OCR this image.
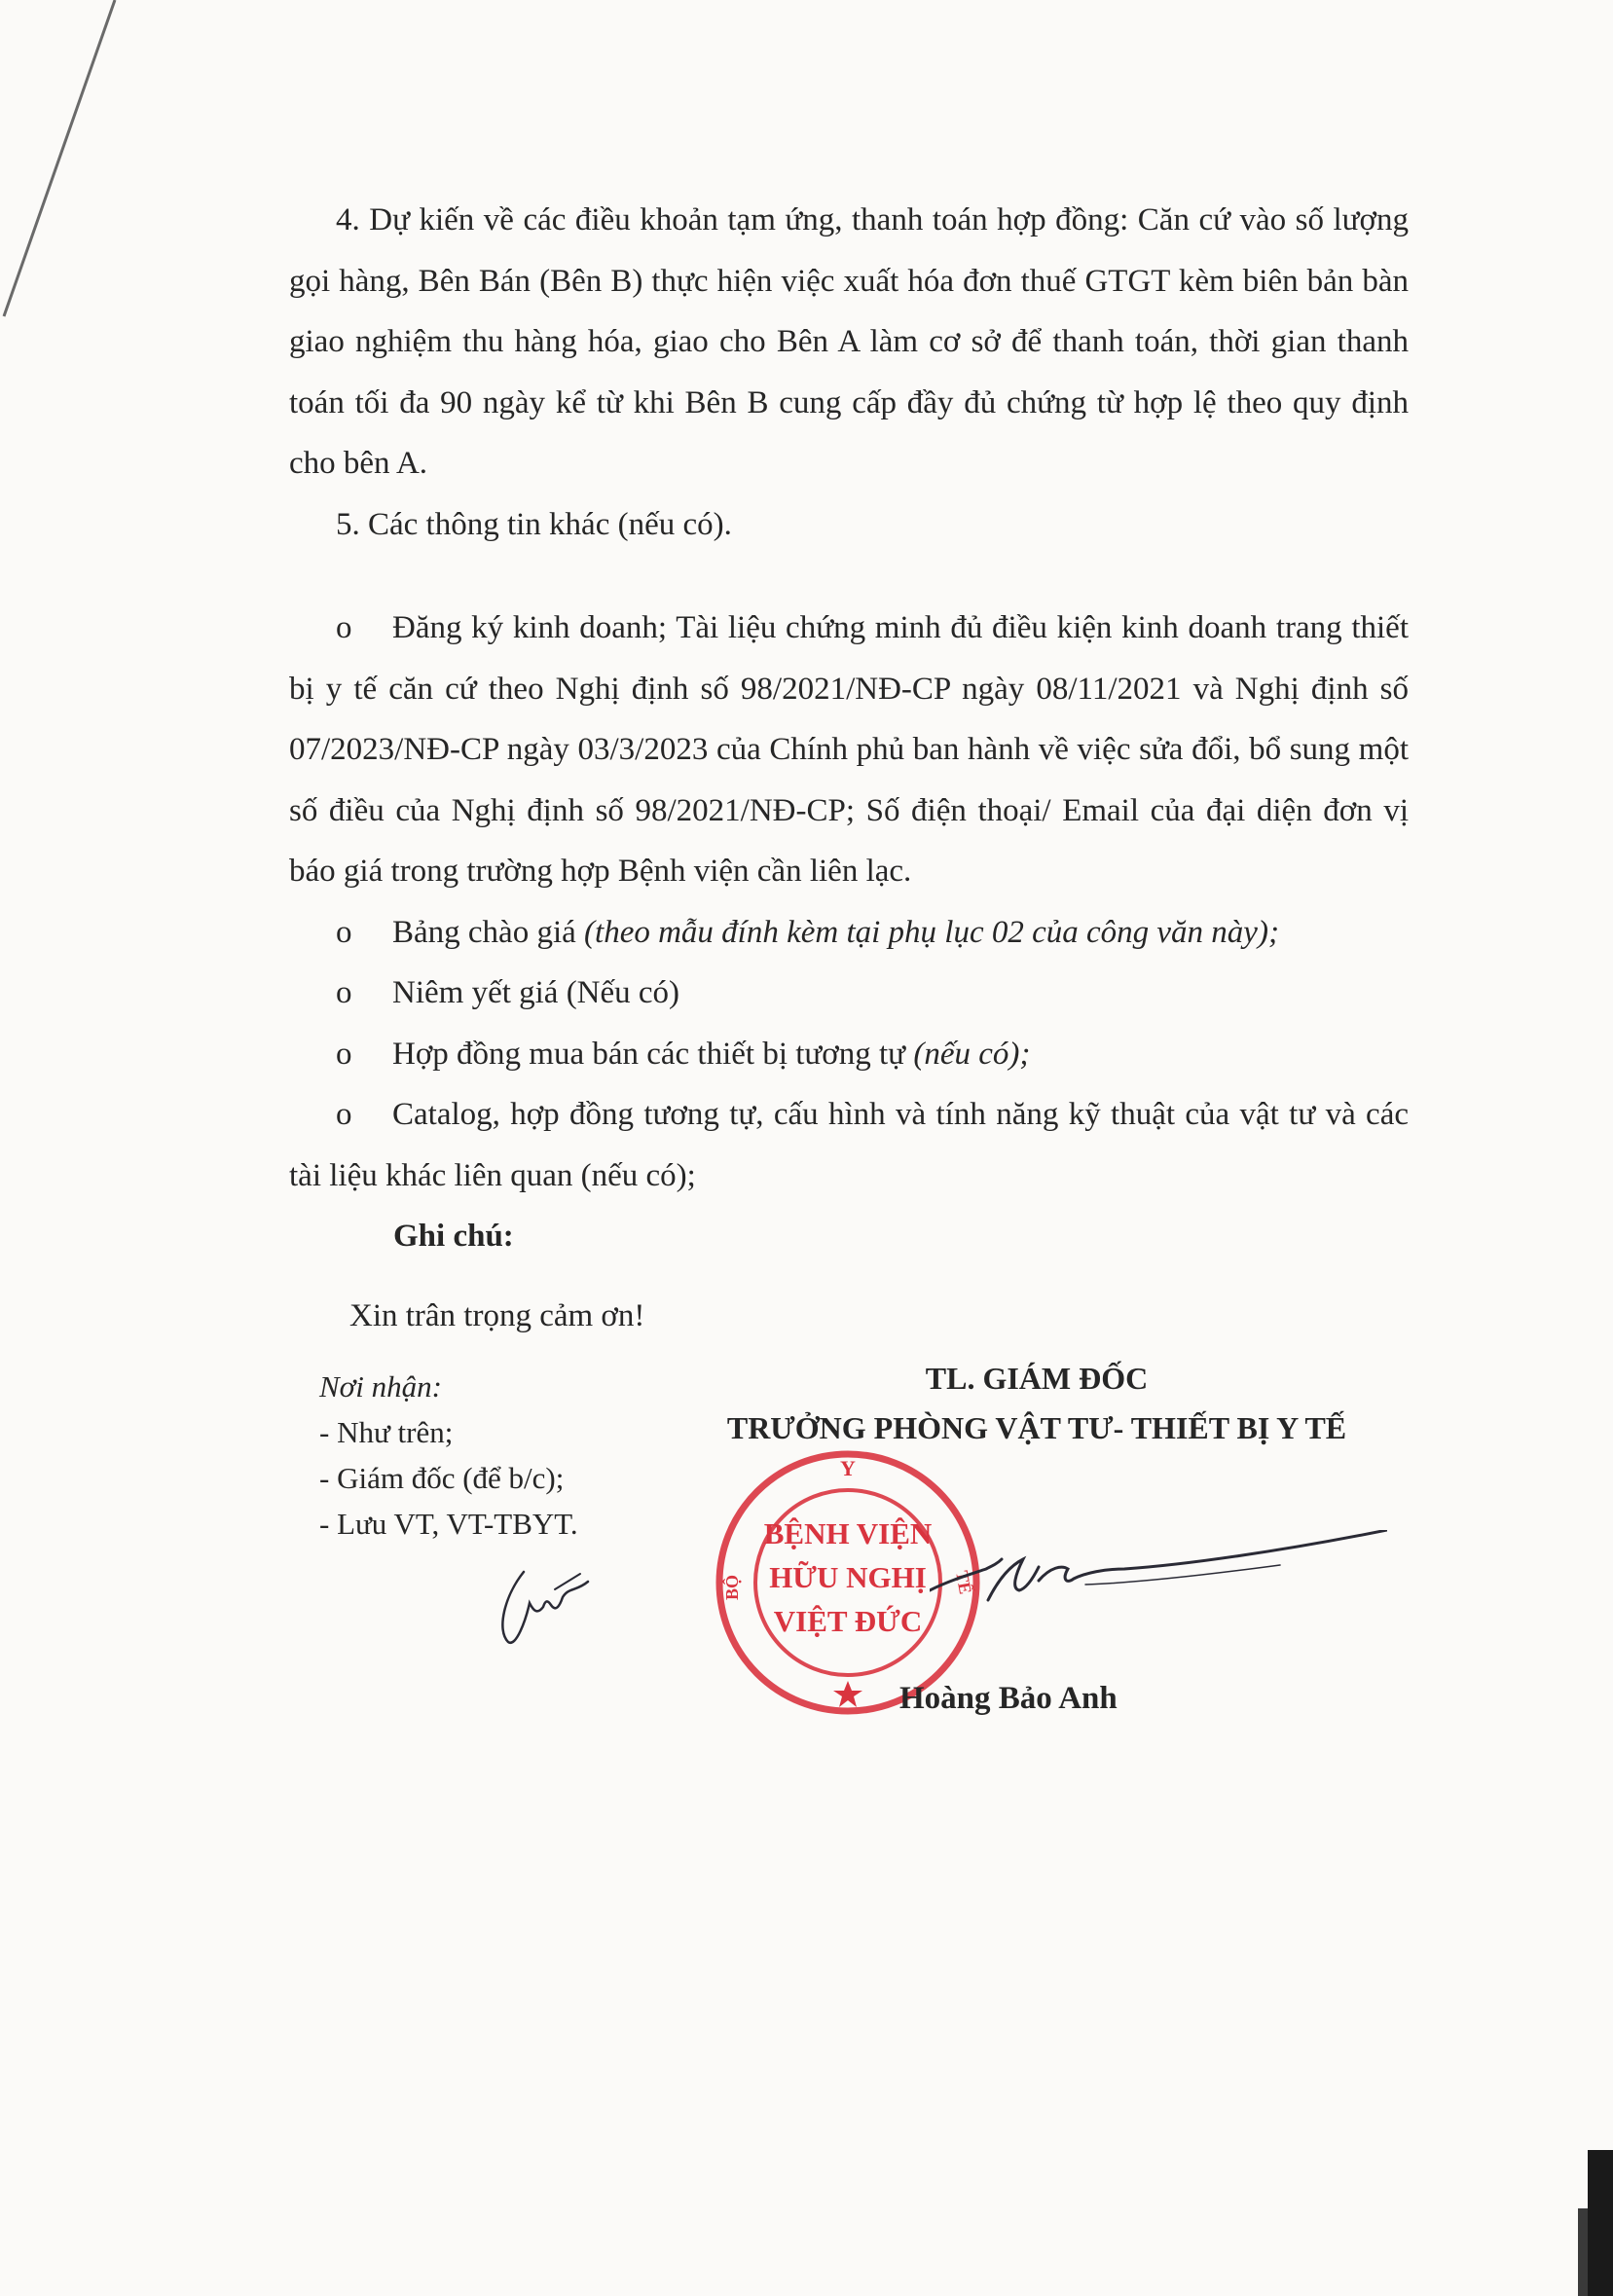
4. Dự kiến về các điều khoản tạm ứng, thanh toán hợp đồng: Căn cứ vào số lượng gọi hàng, Bên Bán (Bên B) thực hiện việc xuất hóa đơn thuế GTGT kèm biên bản bàn giao nghiệm thu hàng hóa, giao cho Bên A làm cơ sở để thanh toán, thời gian thanh toán tối đa 90 ngày kể từ khi Bên B cung cấp đầy đủ chứng từ hợp lệ theo quy định cho bên A.

5. Các thông tin khác (nếu có).

o Đăng ký kinh doanh; Tài liệu chứng minh đủ điều kiện kinh doanh trang thiết bị y tế căn cứ theo Nghị định số 98/2021/NĐ-CP ngày 08/11/2021 và Nghị định số 07/2023/NĐ-CP ngày 03/3/2023 của Chính phủ ban hành về việc sửa đổi, bổ sung một số điều của Nghị định số 98/2021/NĐ-CP; Số điện thoại/ Email của đại diện đơn vị báo giá trong trường hợp Bệnh viện cần liên lạc.

o Bảng chào giá (theo mẫu đính kèm tại phụ lục 02 của công văn này);

o Niêm yết giá (Nếu có)

o Hợp đồng mua bán các thiết bị tương tự (nếu có);

o Catalog, hợp đồng tương tự, cấu hình và tính năng kỹ thuật của vật tư và các tài liệu khác liên quan (nếu có);

Ghi chú:

Xin trân trọng cảm ơn!

Nơi nhận:

- Như trên;

- Giám đốc (để b/c);

- Lưu VT, VT-TBYT.

TL. GIÁM ĐỐC

TRƯỞNG PHÒNG VẬT TƯ- THIẾT BỊ Y TẾ

Y
BỘ	TẾ
BỆNH VIỆN
HỮU NGHỊ
VIỆT ĐỨC

Hoàng Bảo Anh
